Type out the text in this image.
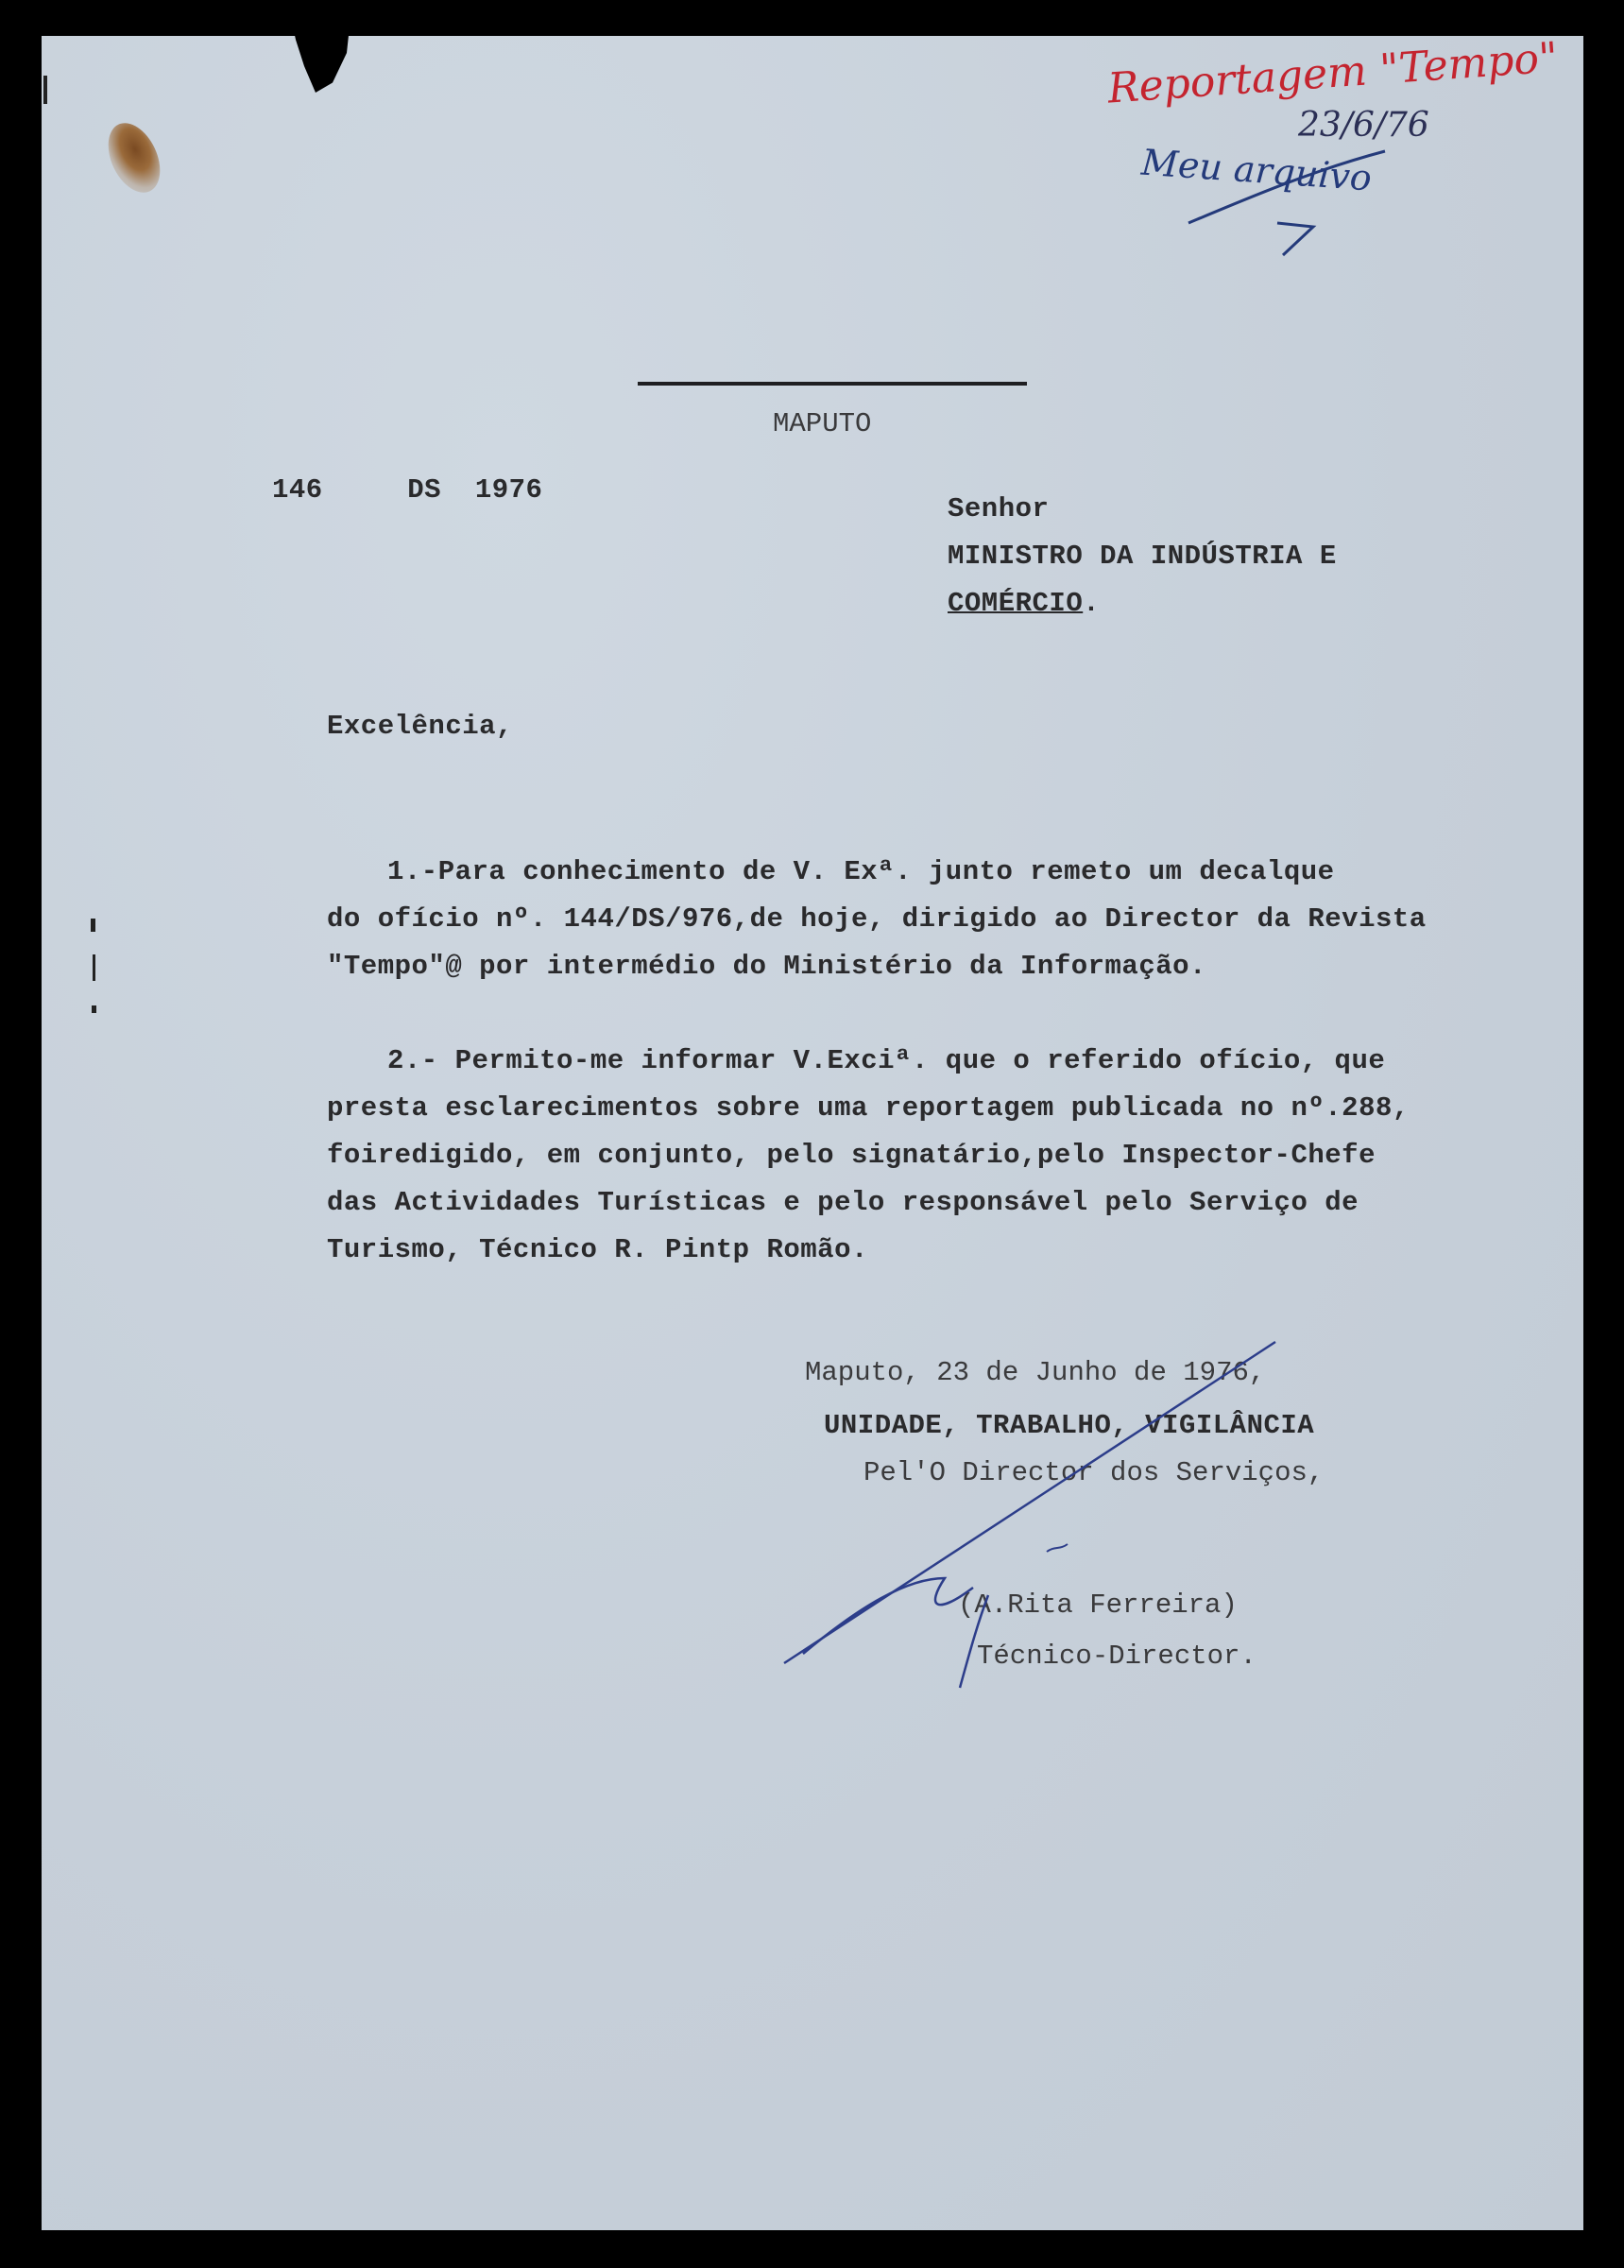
Reportagem "Tempo"
23/6/76
Meu arquivo
MAPUTO
146     DS  1976
Senhor
MINISTRO DA INDÚSTRIA E
COMÉRCIO.
Excelência,
1.-Para conhecimento de V. Exª. junto remeto um decalque
do ofício nº. 144/DS/976,de hoje, dirigido ao Director da Revista
"Tempo"@ por intermédio do Ministério da Informação.
2.- Permito-me informar V.Exciª. que o referido ofício, que
presta esclarecimentos sobre uma reportagem publicada no nº.288,
foiredigido, em conjunto, pelo signatário,pelo Inspector-Chefe
das Actividades Turísticas e pelo responsável pelo Serviço de
Turismo, Técnico R. Pintp Romão.
Maputo, 23 de Junho de 1976,
UNIDADE, TRABALHO, VIGILÂNCIA
Pel'O Director dos Serviços,
(A.Rita Ferreira)
Técnico-Director.
